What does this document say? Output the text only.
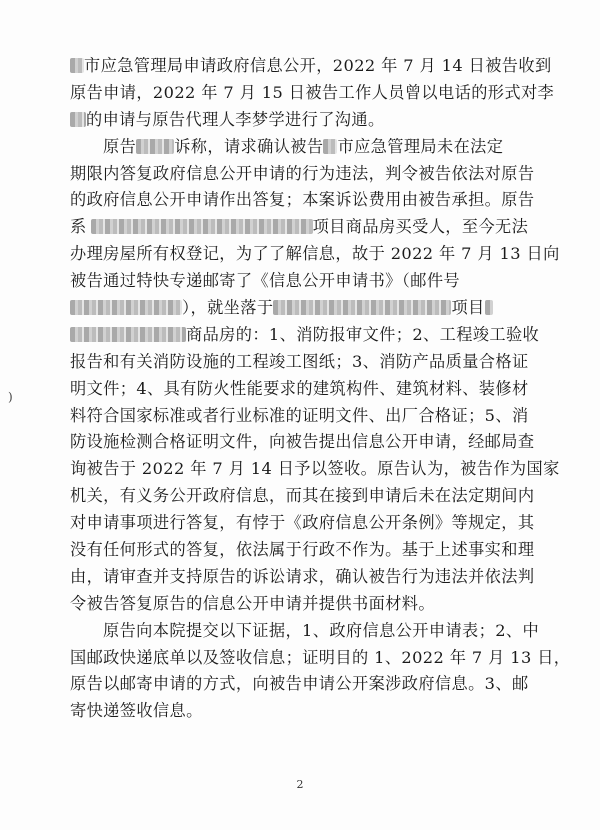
市应急管理局申请政府信息公开，2022 年 7 月 14 日被告收到
原告申请，2022 年 7 月 15 日被告工作人员曾以电话的形式对李
的申请与原告代理人李梦学进行了沟通。
原告 诉称，请求确认被告 市应急管理局未在法定
期限内答复政府信息公开申请的行为违法，判令被告依法对原告
的政府信息公开申请作出答复；本案诉讼费用由被告承担。原告
系	项目商品房买受人，至今无法
办理房屋所有权登记，为了了解信息，故于 2022 年 7 月 13 日向
被告通过特快专递邮寄了《信息公开申请书》（邮件号
），就坐落于	项目
商品房的：1、消防报审文件；2、工程竣工验收
报告和有关消防设施的工程竣工图纸；3、消防产品质量合格证
明文件；4、具有防火性能要求的建筑构件、建筑材料、装修材
料符合国家标准或者行业标准的证明文件、出厂合格证；5、消
防设施检测合格证明文件，向被告提出信息公开申请，经邮局查
询被告于 2022 年 7 月 14 日予以签收。原告认为，被告作为国家
机关，有义务公开政府信息，而其在接到申请后未在法定期间内
对申请事项进行答复，有悖于《政府信息公开条例》等规定，其
没有任何形式的答复，依法属于行政不作为。基于上述事实和理
由，请审查并支持原告的诉讼请求，确认被告行为违法并依法判
令被告答复原告的信息公开申请并提供书面材料。
原告向本院提交以下证据，1、政府信息公开申请表；2、中
国邮政快递底单以及签收信息；证明目的 1、2022 年 7 月 13 日，
原告以邮寄申请的方式，向被告申请公开案涉政府信息。3、邮
寄快递签收信息。
)
2
